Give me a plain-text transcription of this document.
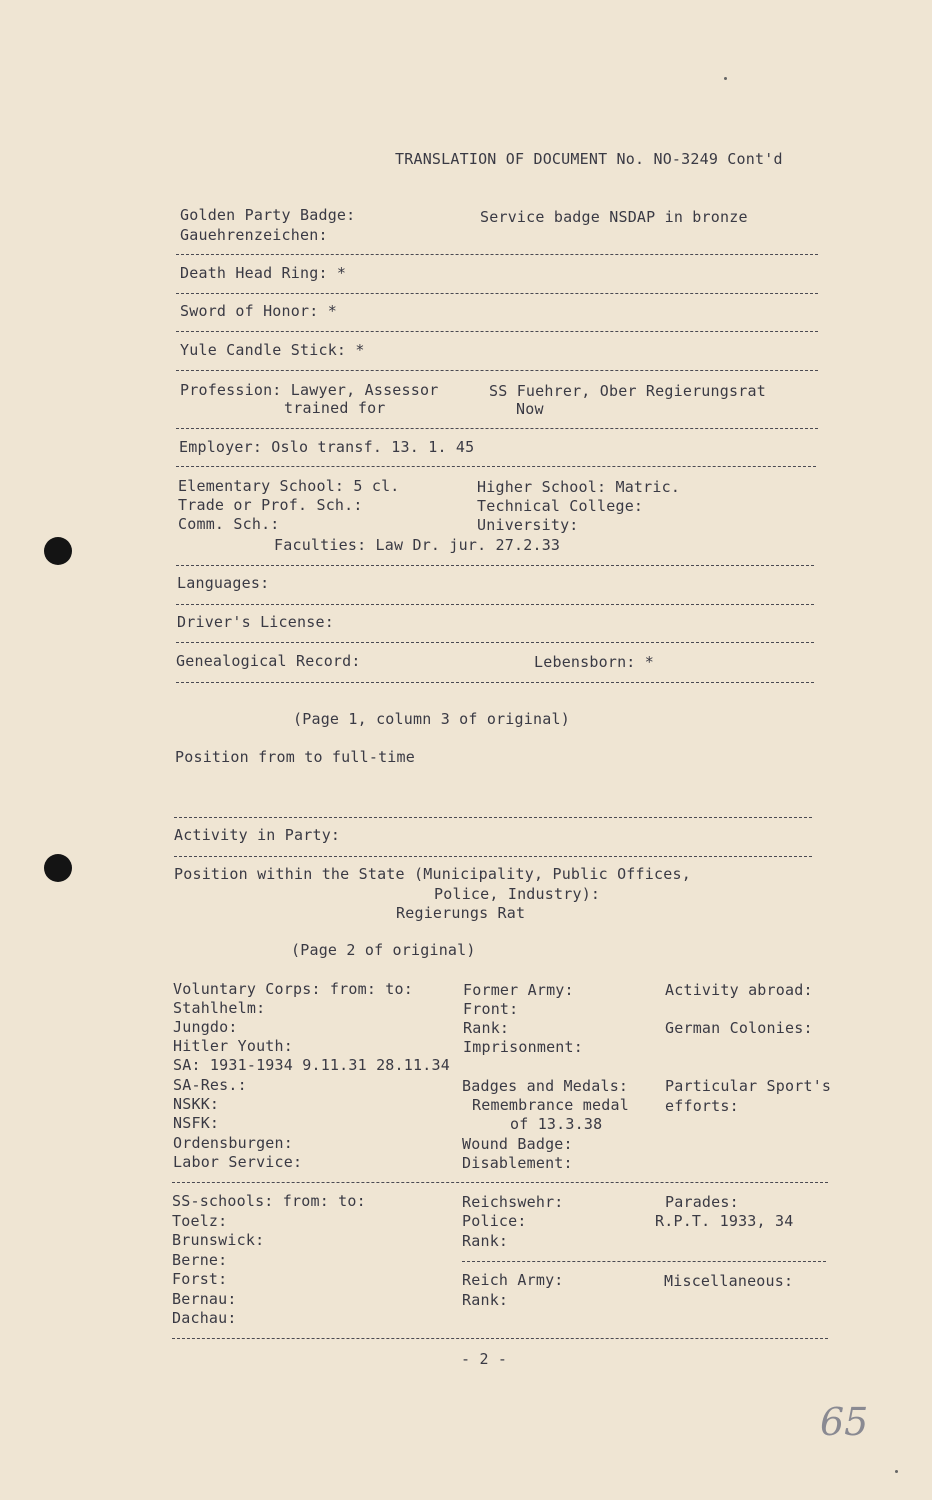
TRANSLATION OF DOCUMENT No. NO-3249 Cont'd
Golden Party Badge:
Gauehrenzeichen:
Service badge NSDAP in bronze
Death Head Ring: *
Sword of Honor: *
Yule Candle Stick: *
Profession: Lawyer, Assessor
trained for
SS Fuehrer, Ober Regierungsrat
Now
Employer: Oslo transf. 13. 1. 45
Elementary School: 5 cl.
Trade or Prof. Sch.:
Comm. Sch.:
Higher School: Matric.
Technical College:
University:
Faculties: Law Dr. jur. 27.2.33
Languages:
Driver's License:
Genealogical Record:	Lebensborn: *
(Page 1, column 3 of original)
Position from to full-time
Activity in Party:
Position within the State (Municipality, Public Offices,
Police, Industry):
Regierungs Rat
(Page 2 of original)
Voluntary Corps: from: to:
Stahlhelm:
Jungdo:
Hitler Youth:
SA: 1931-1934 9.11.31 28.11.34
SA-Res.:
NSKK:
NSFK:
Ordensburgen:
Labor Service:
Former Army:
Front:
Rank:
Imprisonment:
Badges and Medals:
Remembrance medal
of 13.3.38
Wound Badge:
Disablement:
Activity abroad:
German Colonies:
Particular Sport's
efforts:
SS-schools: from: to:
Toelz:
Brunswick:
Berne:
Forst:
Bernau:
Dachau:
Reichswehr:
Police:
Rank:
Reich Army:
Rank:
Parades:
R.P.T. 1933, 34
Miscellaneous:
- 2 -
65
